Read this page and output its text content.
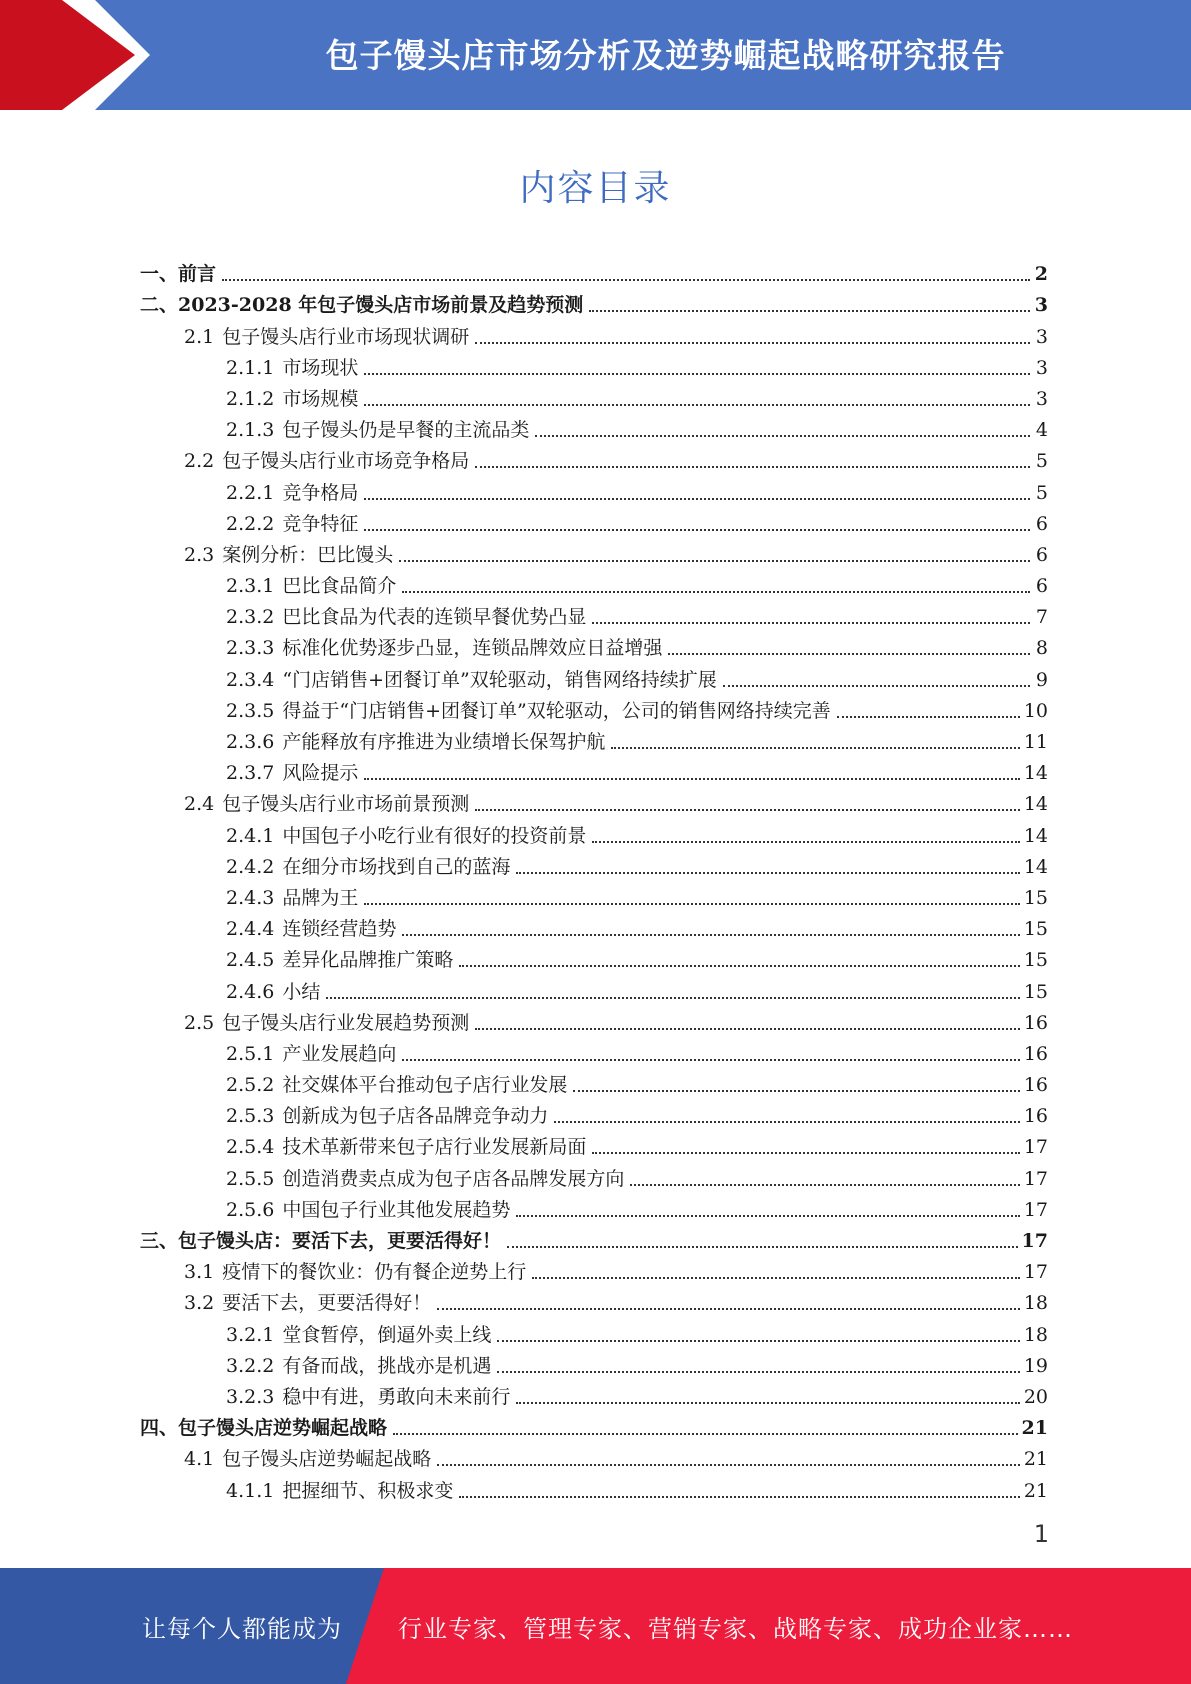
包子馒头店市场分析及逆势崛起战略研究报告
内容目录
一、 前言	2
二、 2023-2028 年包子馒头店市场前景及趋势预测	3
2.1 包子馒头店行业市场现状调研	3
2.1.1 市场现状	3
2.1.2 市场规模	3
2.1.3 包子馒头仍是早餐的主流品类	4
2.2 包子馒头店行业市场竞争格局	5
2.2.1 竞争格局	5
2.2.2 竞争特征	6
2.3 案例分析：巴比馒头	6
2.3.1 巴比食品简介	6
2.3.2 巴比食品为代表的连锁早餐优势凸显	7
2.3.3 标准化优势逐步凸显，连锁品牌效应日益增强	8
2.3.4 “门店销售+团餐订单”双轮驱动，销售网络持续扩展	9
2.3.5 得益于“门店销售+团餐订单”双轮驱动，公司的销售网络持续完善	10
2.3.6 产能释放有序推进为业绩增长保驾护航	11
2.3.7 风险提示	14
2.4 包子馒头店行业市场前景预测	14
2.4.1 中国包子小吃行业有很好的投资前景	14
2.4.2 在细分市场找到自己的蓝海	14
2.4.3 品牌为王	15
2.4.4 连锁经营趋势	15
2.4.5 差异化品牌推广策略	15
2.4.6 小结	15
2.5 包子馒头店行业发展趋势预测	16
2.5.1 产业发展趋向	16
2.5.2 社交媒体平台推动包子店行业发展	16
2.5.3 创新成为包子店各品牌竞争动力	16
2.5.4 技术革新带来包子店行业发展新局面	17
2.5.5 创造消费卖点成为包子店各品牌发展方向	17
2.5.6 中国包子行业其他发展趋势	17
三、 包子馒头店：要活下去，更要活得好！	17
3.1 疫情下的餐饮业：仍有餐企逆势上行	17
3.2 要活下去，更要活得好！	18
3.2.1 堂食暂停，倒逼外卖上线	18
3.2.2 有备而战，挑战亦是机遇	19
3.2.3 稳中有进，勇敢向未来前行	20
四、 包子馒头店逆势崛起战略	21
4.1 包子馒头店逆势崛起战略	21
4.1.1 把握细节、积极求变	21
1
让每个人都能成为 行业专家、管理专家、营销专家、战略专家、成功企业家……
